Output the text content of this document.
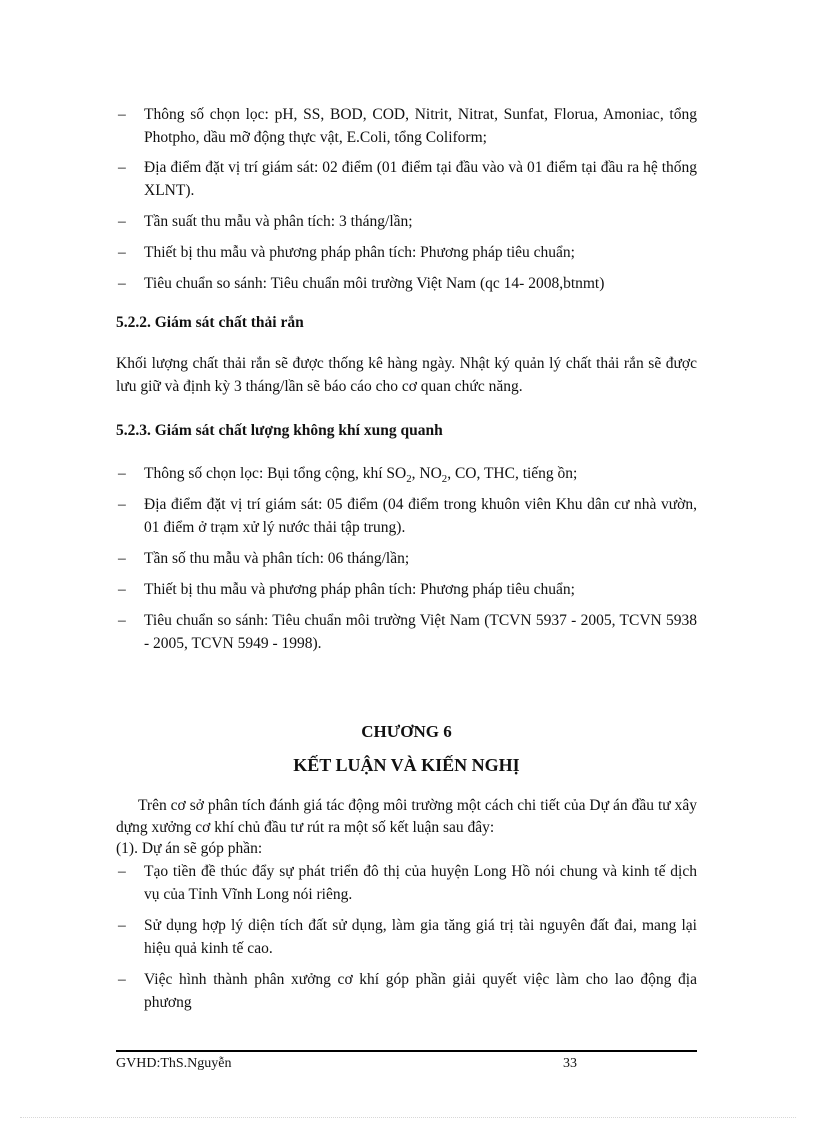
– Thông số chọn lọc: pH, SS, BOD, COD, Nitrit, Nitrat, Sunfat, Florua, Amoniac, tổng Photpho, dầu mỡ động thực vật, E.Coli, tổng Coliform;
– Địa điểm đặt vị trí giám sát: 02 điểm (01 điểm tại đầu vào và 01 điểm tại đầu ra hệ thống XLNT).
– Tần suất thu mẫu và phân tích: 3 tháng/lần;
– Thiết bị thu mẫu và phương pháp phân tích: Phương pháp tiêu chuẩn;
– Tiêu chuẩn so sánh: Tiêu chuẩn môi trường Việt Nam (qc 14- 2008,btnmt)
5.2.2. Giám sát chất thải rắn

Khối lượng chất thải rắn sẽ được thống kê hàng ngày. Nhật ký quản lý chất thải rắn sẽ được lưu giữ và định kỳ 3 tháng/lần sẽ báo cáo cho cơ quan chức năng.

5.2.3. Giám sát chất lượng không khí xung quanh
– Thông số chọn lọc: Bụi tổng cộng, khí $SO_2$, $NO_2$, CO, THC, tiếng ồn;
– Địa điểm đặt vị trí giám sát: 05 điểm (04 điểm trong khuôn viên Khu dân cư nhà vườn, 01 điểm ở trạm xử lý nước thải tập trung).
– Tần số thu mẫu và phân tích: 06 tháng/lần;
– Thiết bị thu mẫu và phương pháp phân tích: Phương pháp tiêu chuẩn;
– Tiêu chuẩn so sánh: Tiêu chuẩn môi trường Việt Nam (TCVN 5937 - 2005, TCVN 5938 - 2005, TCVN 5949 - 1998).
CHƯƠNG 6
KẾT LUẬN VÀ KIẾN NGHỊ

Trên cơ sở phân tích đánh giá tác động môi trường một cách chi tiết của Dự án đầu tư xây dựng xưởng cơ khí chủ đầu tư rút ra một số kết luận sau đây:

(1). Dự án sẽ góp phần:

– Tạo tiền đề thúc đẩy sự phát triển đô thị của huyện Long Hồ nói chung và kinh tế dịch vụ của Tỉnh Vĩnh Long nói riêng.
– Sử dụng hợp lý diện tích đất sử dụng, làm gia tăng giá trị tài nguyên đất đai, mang lại hiệu quả kinh tế cao.
– Việc hình thành phân xưởng cơ khí góp phần giải quyết việc làm cho lao động địa phương
GVHD:ThS.Nguyễn	33
